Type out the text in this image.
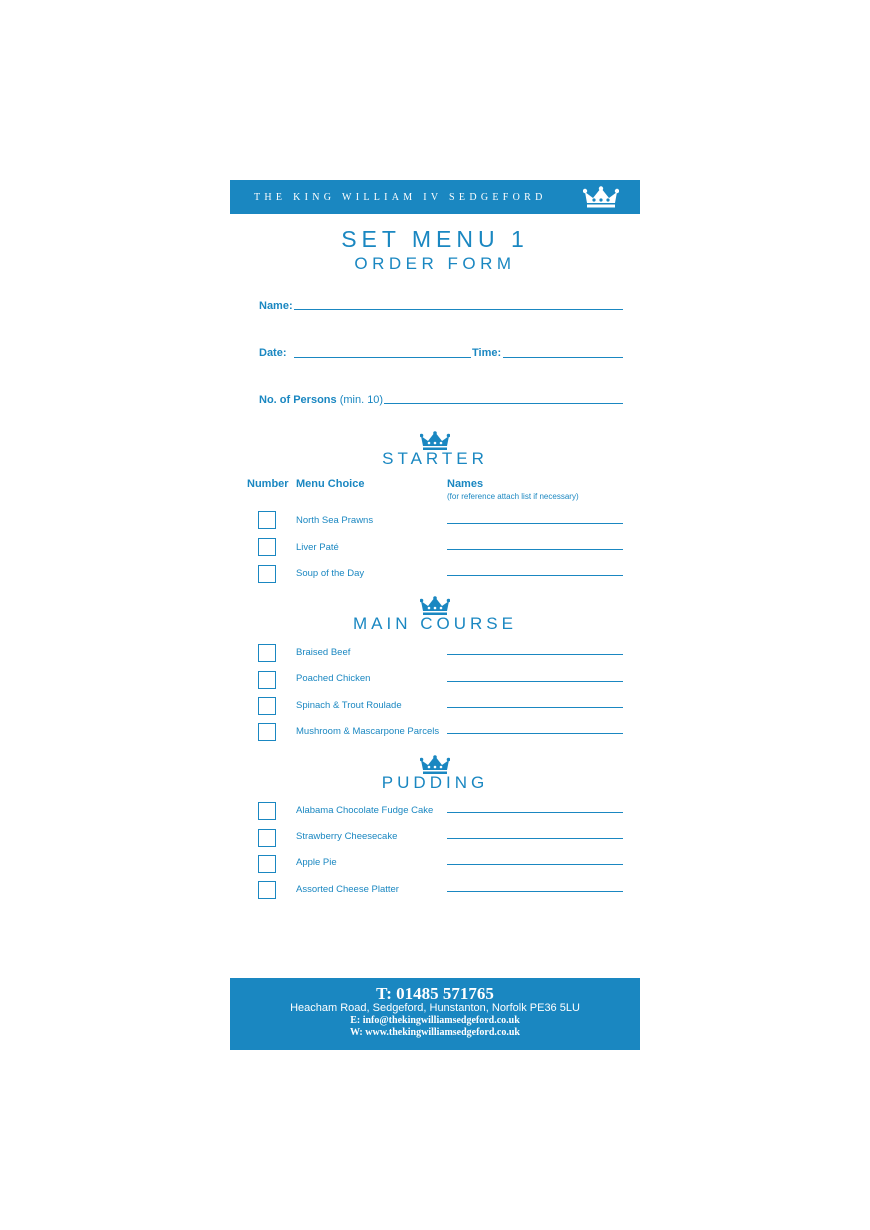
THE KING WILLIAM IV SEDGEFORD
SET MENU 1
ORDER FORM
Name:
Date:	Time:
No. of Persons (min. 10)
STARTER
Number Menu Choice	Names
(for reference attach list if necessary)
North Sea Prawns
Liver Paté
Soup of the Day
MAIN COURSE
Braised Beef
Poached Chicken
Spinach & Trout Roulade
Mushroom & Mascarpone Parcels
PUDDING
Alabama Chocolate Fudge Cake
Strawberry Cheesecake
Apple Pie
Assorted Cheese Platter
T: 01485 571765
Heacham Road, Sedgeford, Hunstanton, Norfolk PE36 5LU
E: info@thekingwilliamsedgeford.co.uk
W: www.thekingwilliamsedgeford.co.uk
